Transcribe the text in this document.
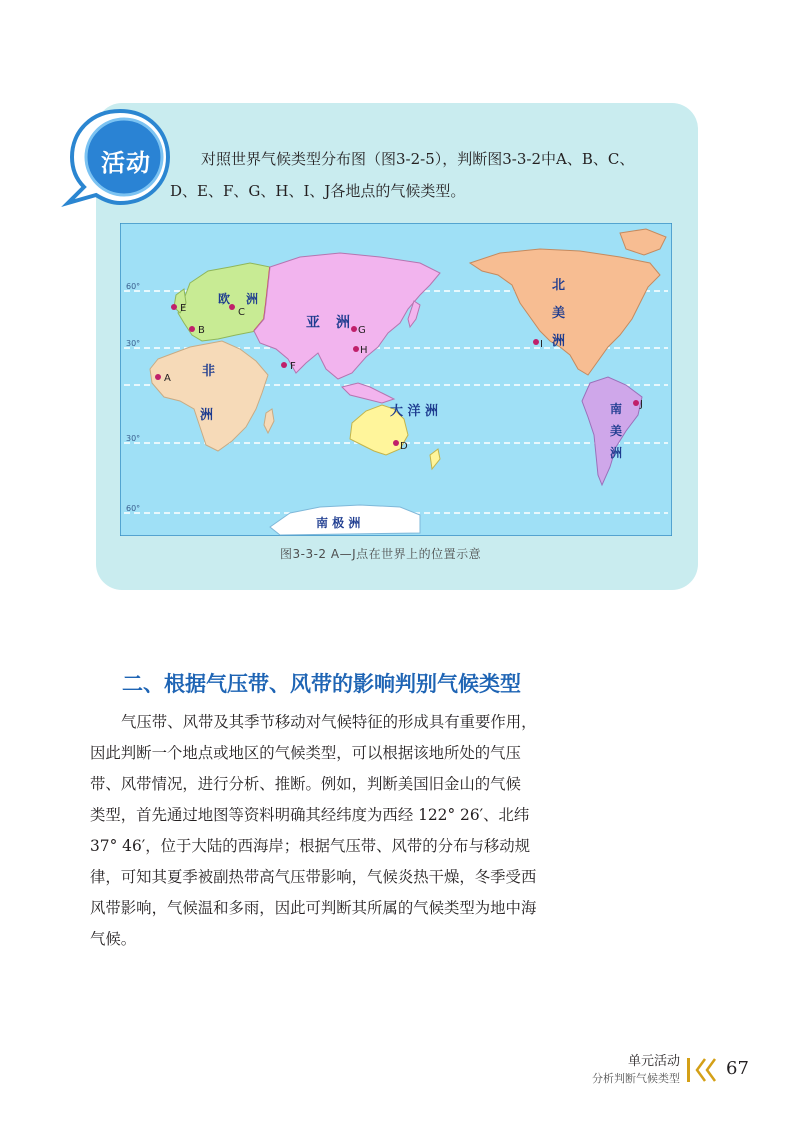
活动	对照世界气候类型分布图（图3-2-5），判断图3-3-2中A、B、C、
D、E、F、G、H、I、J各地点的气候类型。

60°
30°
30°
60°
欧 洲
亚 洲
非
洲
北
美
洲
南
美
洲
大 洋 洲
南 极 洲
A
B
C
D
E
F
G
H
I
J
图3-3-2 A—J点在世界上的位置示意
二、根据气压带、风带的影响判别气候类型

气压带、风带及其季节移动对气候特征的形成具有重要作用，
因此判断一个地点或地区的气候类型，可以根据该地所处的气压
带、风带情况，进行分析、推断。例如，判断美国旧金山的气候
类型，首先通过地图等资料明确其经纬度为西经 122° 26′、北纬
37° 46′，位于大陆的西海岸；根据气压带、风带的分布与移动规
律，可知其夏季被副热带高气压带影响，气候炎热干燥，冬季受西
风带影响，气候温和多雨，因此可判断其所属的气候类型为地中海
气候。

单元活动
分析判断气候类型	67
